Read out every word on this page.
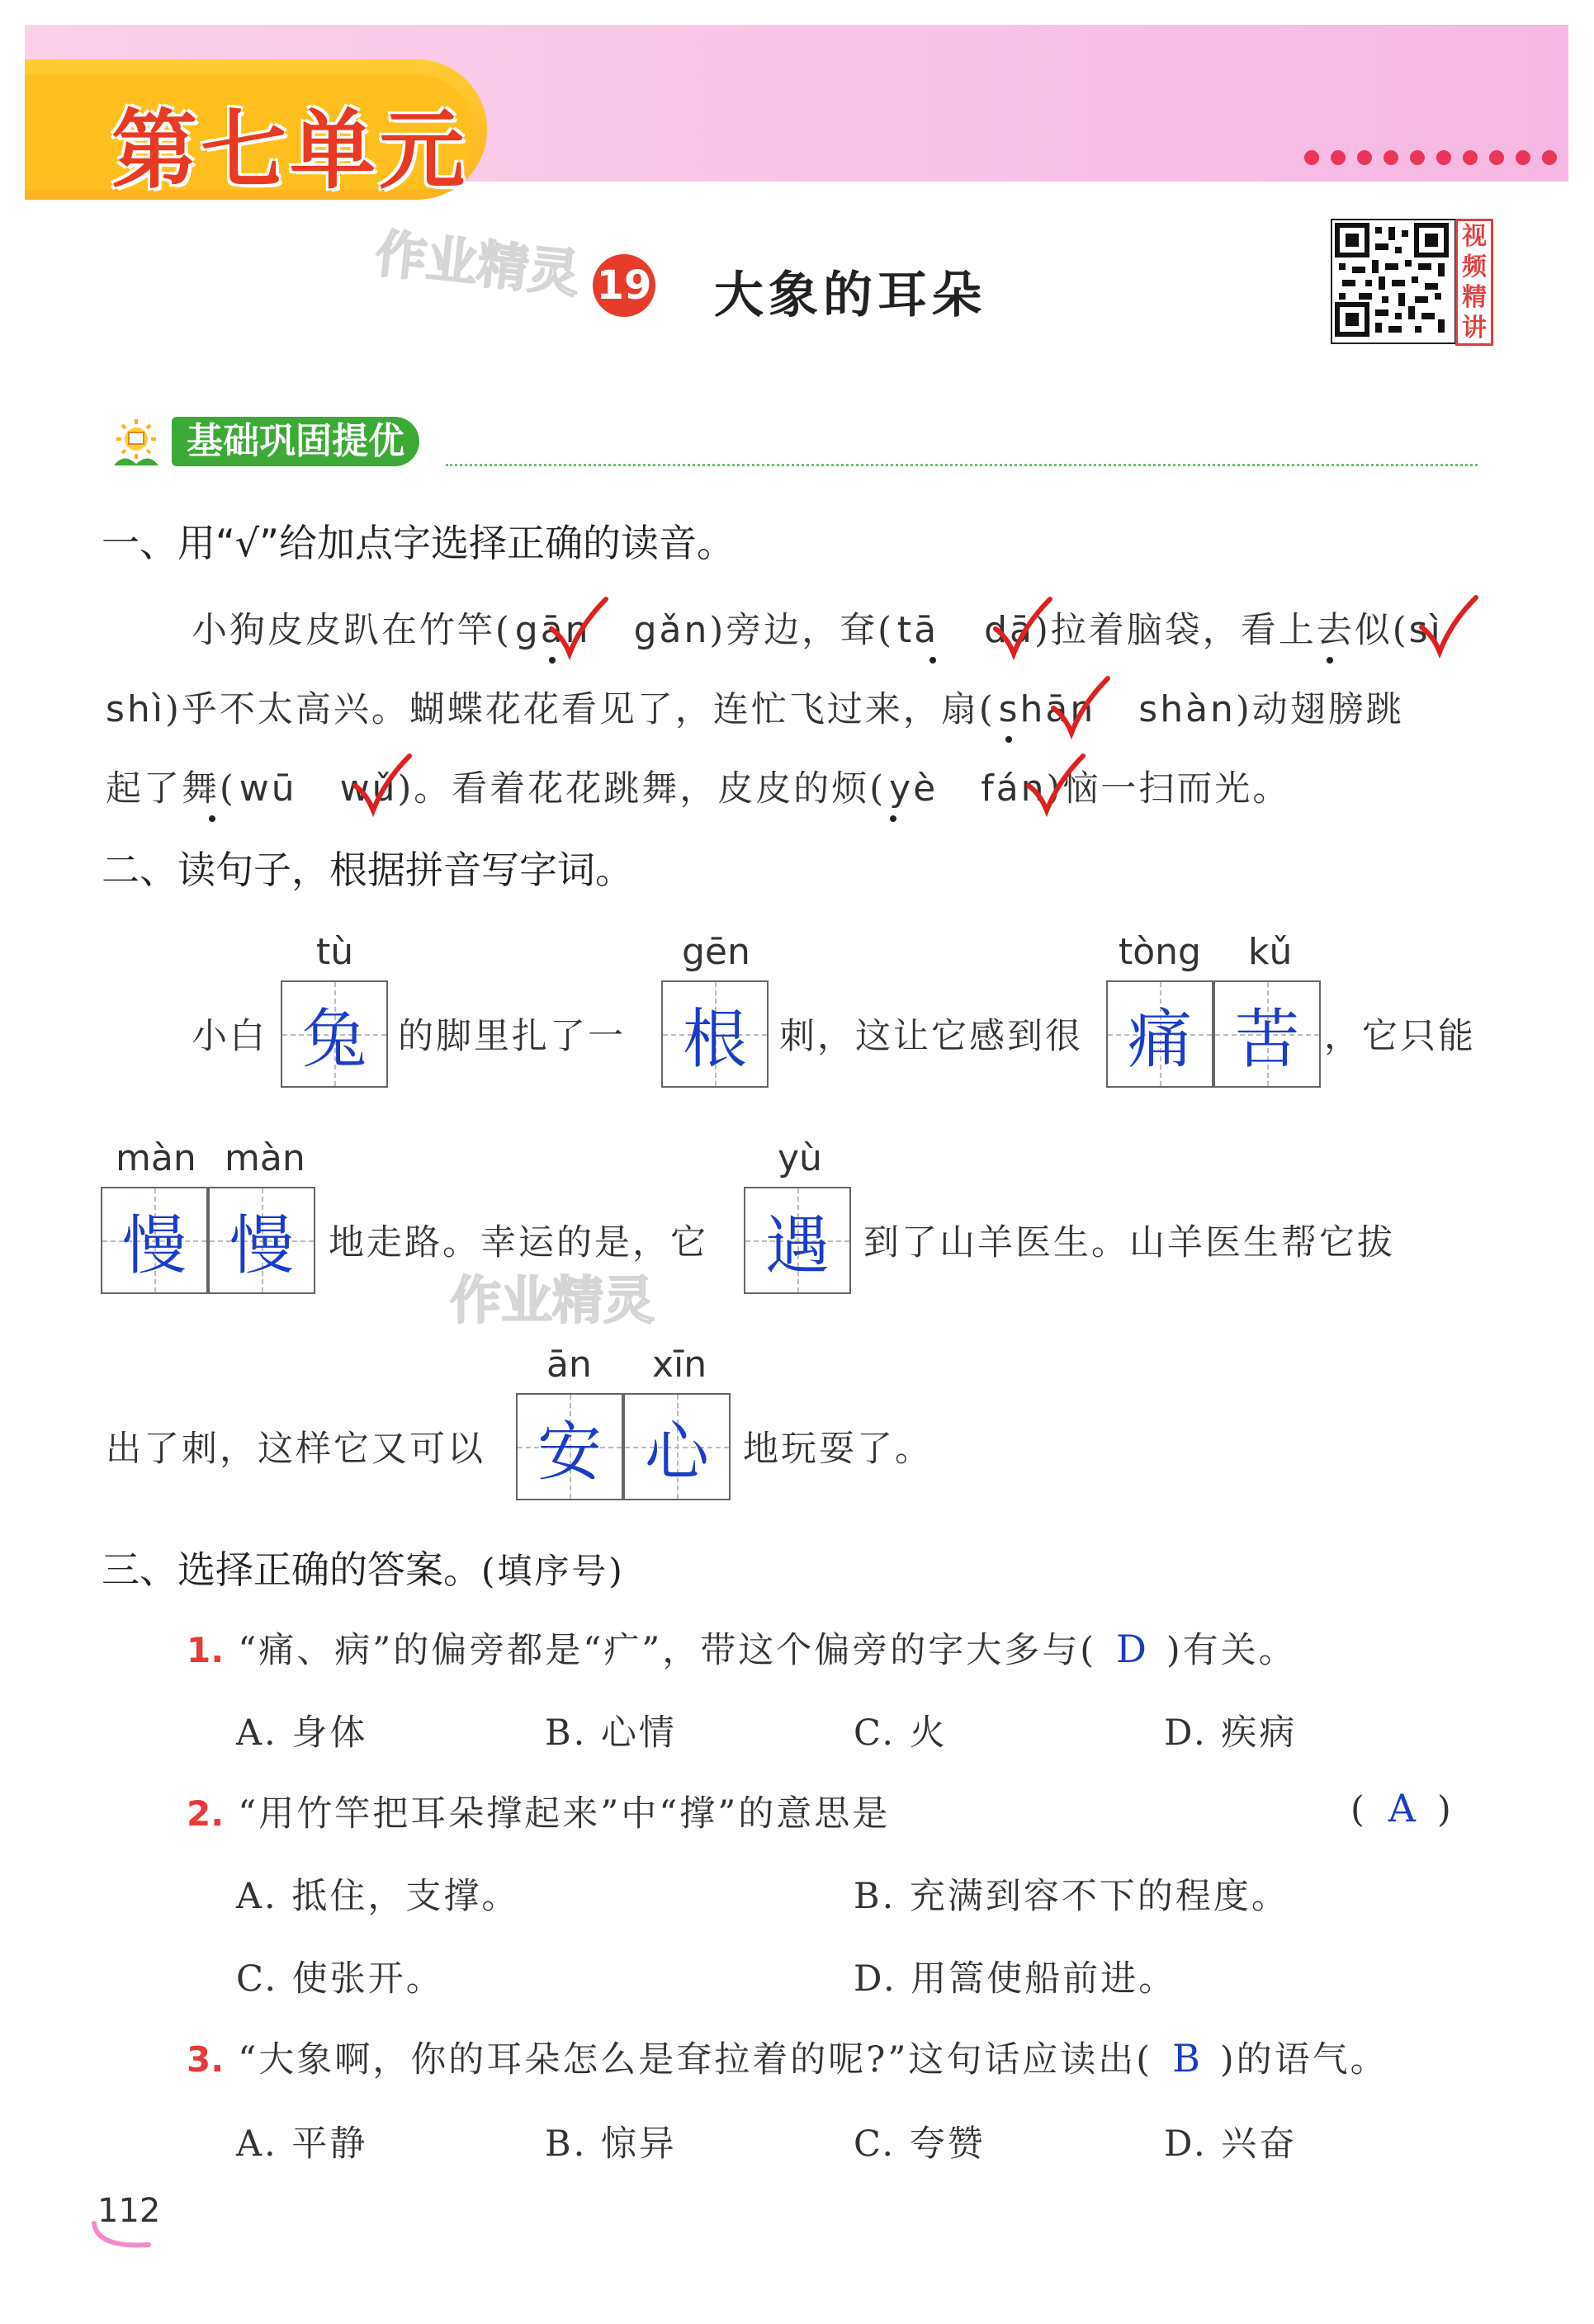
第七单元
作业精灵 19 大象的耳朵
视
频
精
讲
基础巩固提优
一、用“√”给加点字选择正确的读音。
小狗皮皮趴在竹竿(gān gǎn)旁边，耷(tā dā)拉着脑袋，看上去似(sì
shì)乎不太高兴。蝴蝶花花看见了，连忙飞过来，扇(shān shàn)动翅膀跳
起了舞(wū wǔ)。看着花花跳舞，皮皮的烦(yè fán)恼一扫而光。
二、读句子，根据拼音写字词。
小白
tù
兔 的脚里扎了一
gēn
根 刺，这让它感到很
tòng kǔ
痛 苦 ，它只能
màn màn
慢 慢 地走路。幸运的是，它
yù
遇 到了山羊医生。山羊医生帮它拔
作业精灵
出了刺，这样它又可以
ān xīn
安 心 地玩耍了。
三、选择正确的答案。(填序号)
1. “痛、病”的偏旁都是“疒”，带这个偏旁的字大多与( D )有关。
A. 身体	B. 心情	C. 火	D. 疾病
2. “用竹竿把耳朵撑起来”中“撑”的意思是	( A )
A. 抵住，支撑。	B. 充满到容不下的程度。
C. 使张开。	D. 用篙使船前进。
3. “大象啊，你的耳朵怎么是耷拉着的呢?”这句话应读出( B )的语气。
A. 平静	B. 惊异	C. 夸赞	D. 兴奋
112
